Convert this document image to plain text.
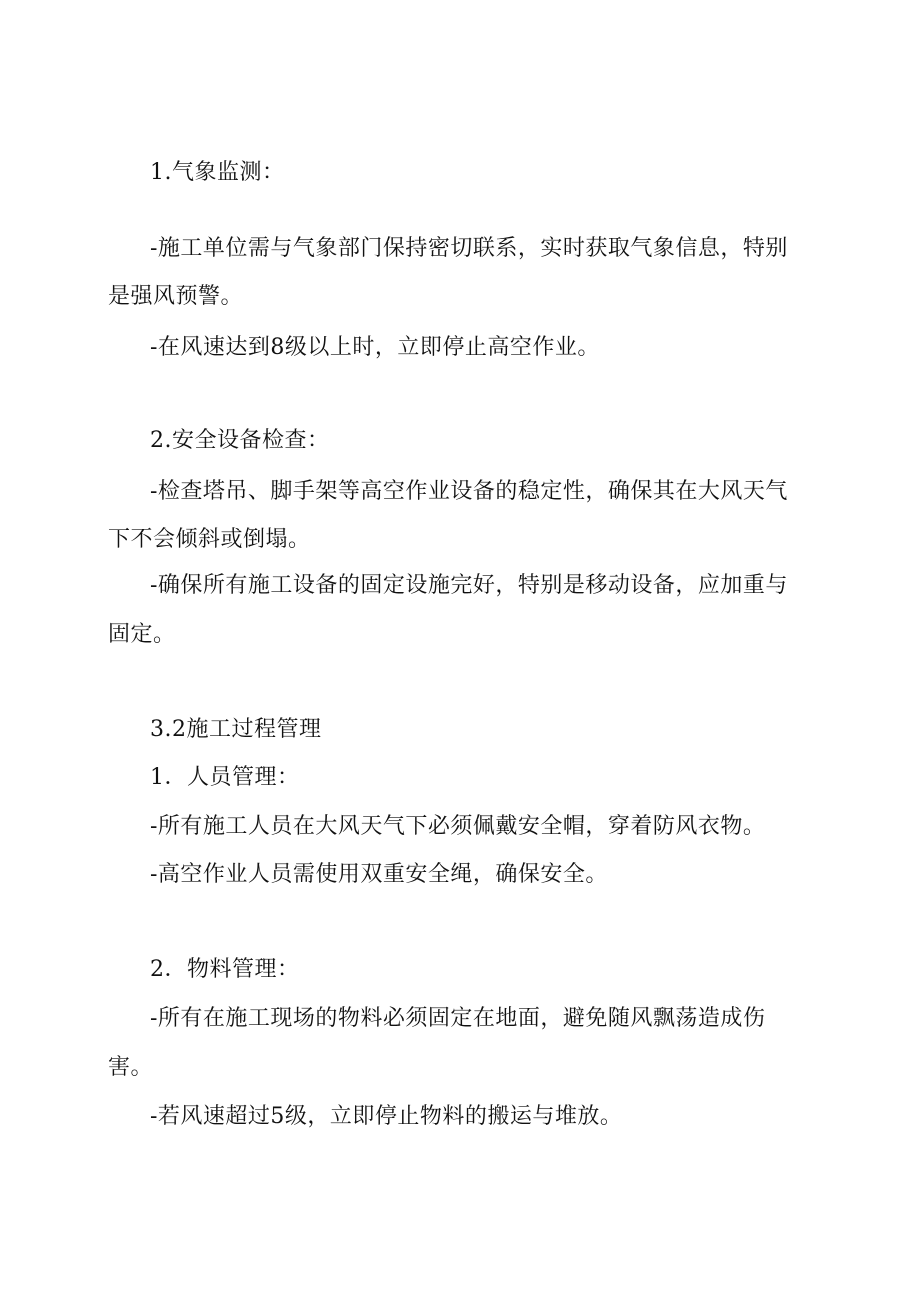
1.气象监测：
-施工单位需与气象部门保持密切联系，实时获取气象信息，特别
是强风预警。
-在风速达到8级以上时，立即停止高空作业。
2.安全设备检查：
-检查塔吊、脚手架等高空作业设备的稳定性，确保其在大风天气
下不会倾斜或倒塌。
-确保所有施工设备的固定设施完好，特别是移动设备，应加重与
固定。
3.2施工过程管理
1．人员管理：
-所有施工人员在大风天气下必须佩戴安全帽，穿着防风衣物。
-高空作业人员需使用双重安全绳，确保安全。
2．物料管理：
-所有在施工现场的物料必须固定在地面，避免随风飘荡造成伤
害。
-若风速超过5级，立即停止物料的搬运与堆放。
